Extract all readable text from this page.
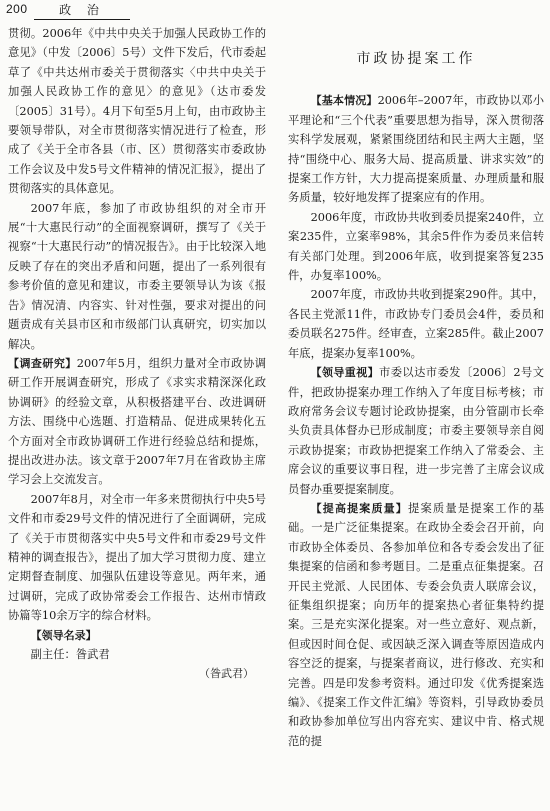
200	政 治

贯彻。2006年《中共中央关于加强人民政协工作的意见》（中发〔2006〕5号）文件下发后，代市委起草了《中共达州市委关于贯彻落实〈中共中央关于加强人民政协工作的意见〉的意见》（达市委发〔2005〕31号）。4月下旬至5月上旬，由市政协主要领导带队，对全市贯彻落实情况进行了检查，形成了《关于全市各县（市、区）贯彻落实市委政协工作会议及中发5号文件精神的情况汇报》，提出了贯彻落实的具体意见。

2007年底，参加了市政协组织的对全市开展“十大惠民行动”的全面视察调研，撰写了《关于视察“十大惠民行动”的情况报告》。由于比较深入地反映了存在的突出矛盾和问题，提出了一系列很有参考价值的意见和建议，市委主要领导认为该《报告》情况清、内容实、针对性强，要求对提出的问题责成有关县市区和市级部门认真研究，切实加以解决。

【调查研究】2007年5月，组织力量对全市政协调研工作开展调查研究，形成了《求实求精深深化政协调研》的经验文章，从积极搭建平台、改进调研方法、围绕中心选题、打造精品、促进成果转化五个方面对全市政协调研工作进行经验总结和提炼，提出改进办法。该文章于2007年7月在省政协主席学习会上交流发言。

2007年8月，对全市一年多来贯彻执行中央5号文件和市委29号文件的情况进行了全面调研，完成了《关于市贯彻落实中央5号文件和市委29号文件精神的调查报告》，提出了加大学习贯彻力度、建立定期督查制度、加强队伍建设等意见。两年来，通过调研，完成了政协常委会工作报告、达州市情政协篇等10余万字的综合材料。

【领导名录】

副主任：昝武君

（昝武君）

市政协提案工作

【基本情况】2006年–2007年，市政协以邓小平理论和“三个代表”重要思想为指导，深入贯彻落实科学发展观，紧紧围绕团结和民主两大主题，坚持“围绕中心、服务大局、提高质量、讲求实效”的提案工作方针，大力提高提案质量、办理质量和服务质量，较好地发挥了提案应有的作用。

2006年度，市政协共收到委员提案240件，立案235件，立案率98%，其余5件作为委员来信转有关部门处理。到2006年底，收到提案答复235件，办复率100%。

2007年度，市政协共收到提案290件。其中，各民主党派11件，市政协专门委员会4件，委员和委员联名275件。经审查，立案285件。截止2007年底，提案办复率100%。

【领导重视】市委以达市委发〔2006〕2号文件，把政协提案办理工作纳入了年度目标考核；市政府常务会议专题讨论政协提案，由分管副市长牵头负责具体督办已形成制度；市委主要领导亲自阅示政协提案；市政协把提案工作纳入了常委会、主席会议的重要议事日程，进一步完善了主席会议成员督办重要提案制度。

【提高提案质量】提案质量是提案工作的基础。一是广泛征集提案。在政协全委会召开前，向市政协全体委员、各参加单位和各专委会发出了征集提案的信函和参考题目。二是重点征集提案。召开民主党派、人民团体、专委会负责人联席会议，征集组织提案；向历年的提案热心者征集特约提案。三是充实深化提案。对一些立意好、观点新，但或因时间仓促、或因缺乏深入调查等原因造成内容空泛的提案，与提案者商议，进行修改、充实和完善。四是印发参考资料。通过印发《优秀提案选编》、《提案工作文件汇编》等资料，引导政协委员和政协参加单位写出内容充实、建议中肯、格式规范的提
